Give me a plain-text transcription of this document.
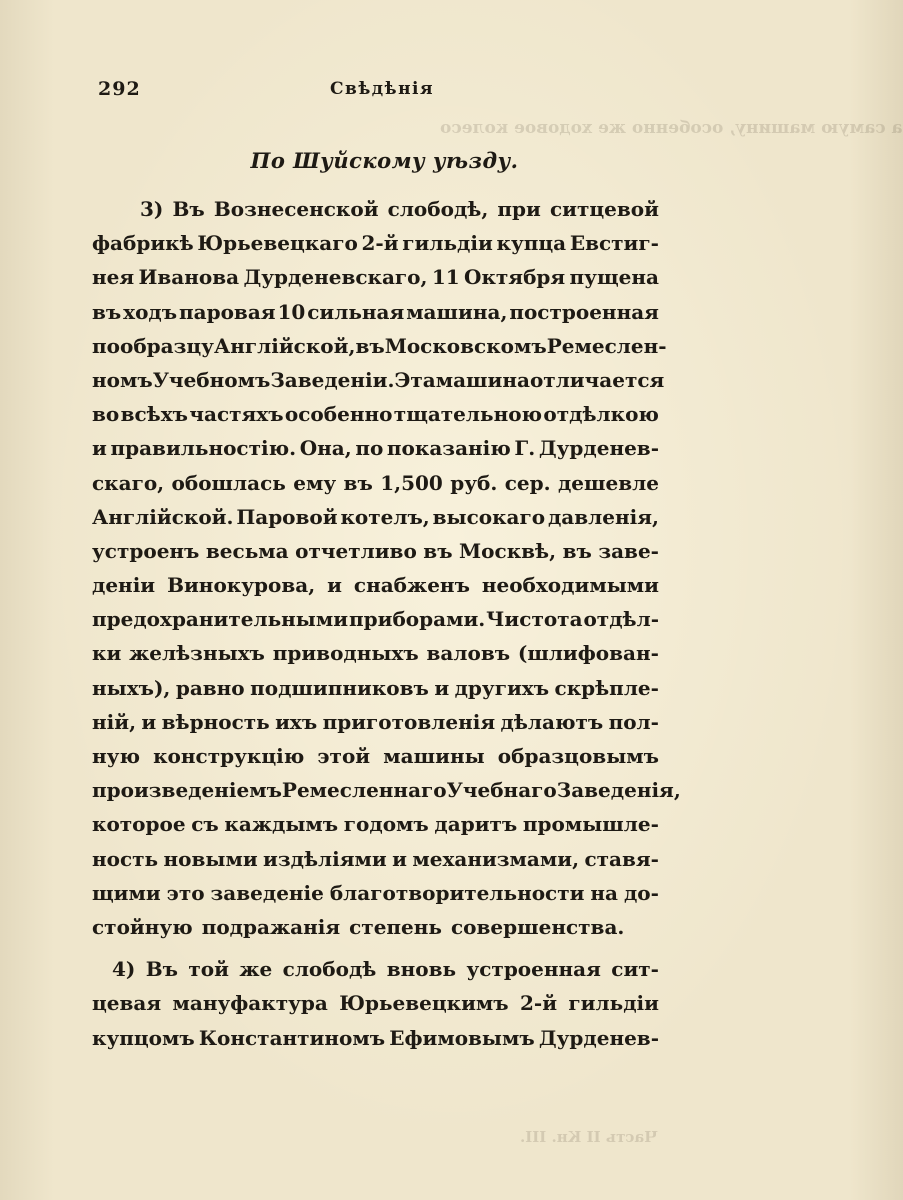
а самую машину, особенно же ходовое колесо
Часть II Кн. III.
292	Свѣдѣнія
По Шуйскому уѣзду.
3) Въ Вознесенской слободѣ, при ситцевой
фабрикѣ Юрьевецкаго 2-й гильдіи купца Евстиг-
нея Иванова Дурденевскаго, 11 Октября пущена
въ ходъ паровая 10 сильная машина, построенная
по образцу Англійской, въ Московскомъ Ремеслен-
номъ Учебномъ Заведеніи. Эта машина отличается
во всѣхъ частяхъ особенно тщательною отдѣлкою
и правильностію. Она, по показанію Г. Дурденев-
скаго, обошлась ему въ 1,500 руб. сер. дешевле
Англійской. Паровой котелъ, высокаго давленія,
устроенъ весьма отчетливо въ Москвѣ, въ заве-
деніи Винокурова, и снабженъ необходимыми
предохранительными приборами. Чистота отдѣл-
ки желѣзныхъ приводныхъ валовъ (шлифован-
ныхъ), равно подшипниковъ и другихъ скрѣпле-
ній, и вѣрность ихъ приготовленія дѣлаютъ пол-
ную конструкцію этой машины образцовымъ
произведеніемъ Ремесленнаго Учебнаго Заведенія,
которое съ каждымъ годомъ даритъ промышле-
ность новыми издѣліями и механизмами, ставя-
щими это заведеніе благотворительности на до-
стойную подражанія степень совершенства.
4) Въ той же слободѣ вновь устроенная сит-
цевая мануфактура Юрьевецкимъ 2-й гильдіи
купцомъ Константиномъ Ефимовымъ Дурденев-
